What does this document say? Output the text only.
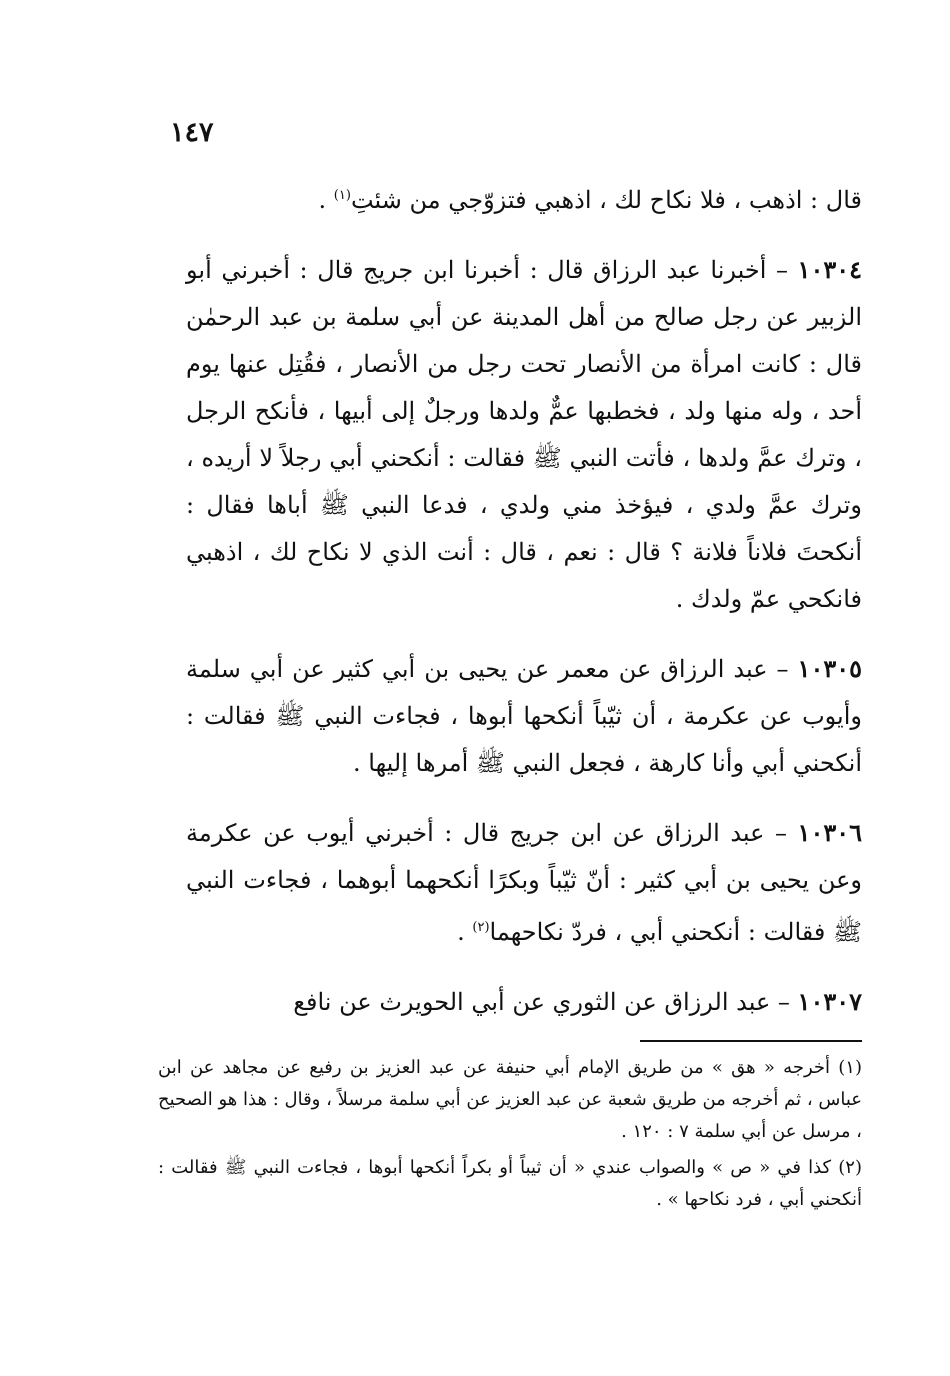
١٤٧

قال : اذهب ، فلا نكاح لك ، اذهبي فتزوّجي من شئتِ$^{(١)}$ .

١٠٣٠٤ – أخبرنا عبد الرزاق قال : أخبرنا ابن جريج قال : أخبرني أبو الزبير عن رجل صالح من أهل المدينة عن أبي سلمة بن عبد الرحمٰن قال : كانت امرأة من الأنصار تحت رجل من الأنصار ، فقُتِل عنها يوم أحد ، وله منها ولد ، فخطبها عمٌّ ولدها ورجلٌ إلى أبيها ، فأنكح الرجل ، وترك عمَّ ولدها ، فأتت النبي ﷺ فقالت : أنكحني أبي رجلاً لا أريده ، وترك عمَّ ولدي ، فيؤخذ مني ولدي ، فدعا النبي ﷺ أباها فقال : أنكحتَ فلاناً فلانة ؟ قال : نعم ، قال : أنت الذي لا نكاح لك ، اذهبي فانكحي عمّ ولدك .

١٠٣٠٥ – عبد الرزاق عن معمر عن يحيى بن أبي كثير عن أبي سلمة وأيوب عن عكرمة ، أن ثيّباً أنكحها أبوها ، فجاءت النبي ﷺ فقالت : أنكحني أبي وأنا كارهة ، فجعل النبي ﷺ أمرها إليها .

١٠٣٠٦ – عبد الرزاق عن ابن جريج قال : أخبرني أيوب عن عكرمة وعن يحيى بن أبي كثير : أنّ ثيّباً وبكرًا أنكحهما أبوهما ، فجاءت النبي ﷺ فقالت : أنكحني أبي ، فردّ نكاحهما$^{(٢)}$ .

١٠٣٠٧ – عبد الرزاق عن الثوري عن أبي الحويرث عن نافع

(١) أخرجه « هق » من طريق الإمام أبي حنيفة عن عبد العزيز بن رفيع عن مجاهد عن ابن عباس ، ثم أخرجه من طريق شعبة عن عبد العزيز عن أبي سلمة مرسلاً ، وقال : هذا هو الصحيح ، مرسل عن أبي سلمة ٧ : ١٢٠ .

(٢) كذا في « ص » والصواب عندي « أن ثيباً أو بكراً أنكحها أبوها ، فجاءت النبي ﷺ فقالت : أنكحني أبي ، فرد نكاحها » .
